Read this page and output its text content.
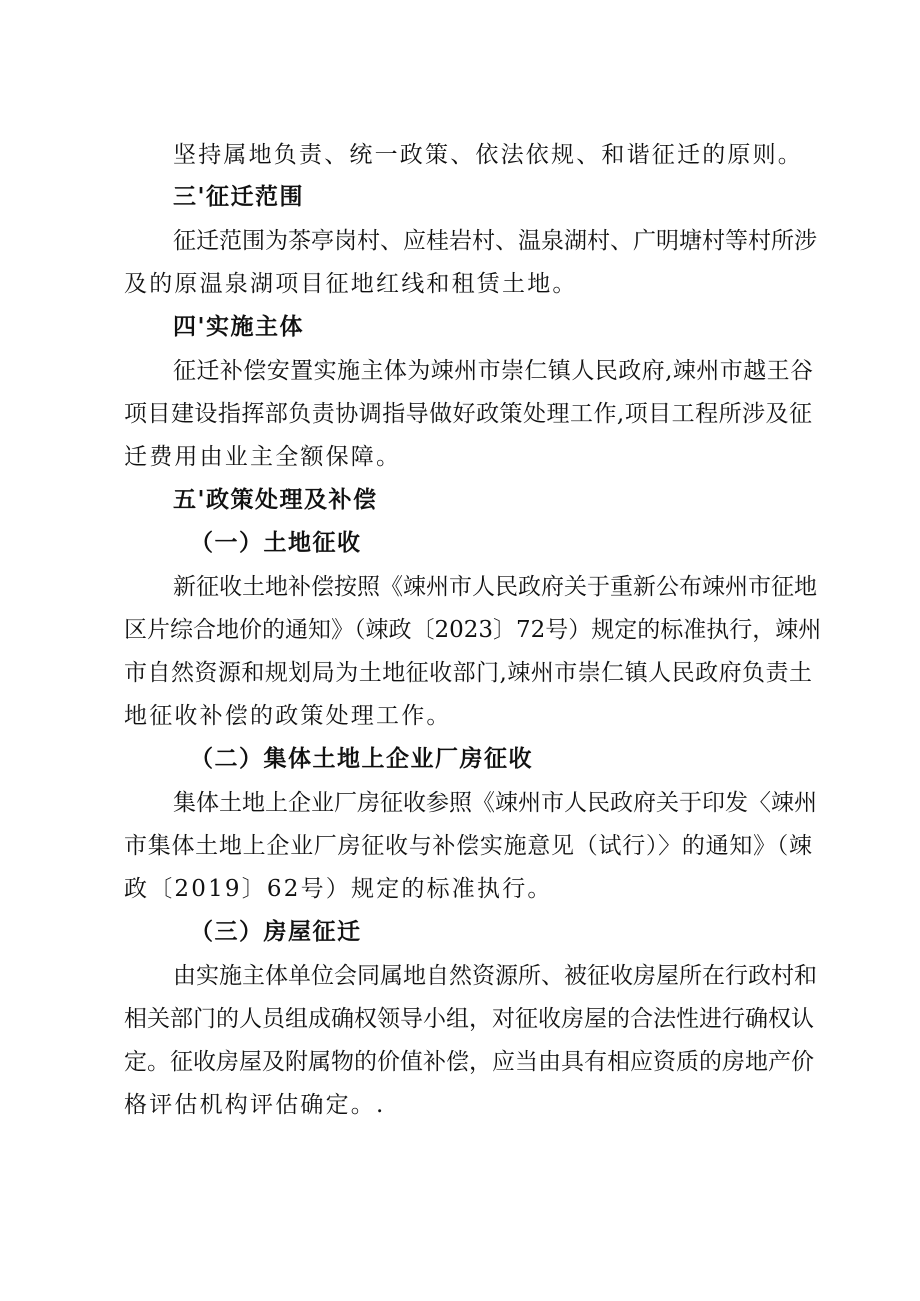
坚持属地负责、统一政策、依法依规、和谐征迁的原则。
三'征迁范围
征迁范围为茶亭岗村、应桂岩村、温泉湖村、广明塘村等村所涉
及的原温泉湖项目征地红线和租赁土地。
四'实施主体
征迁补偿安置实施主体为竦州市崇仁镇人民政府,竦州市越王谷
项目建设指挥部负责协调指导做好政策处理工作,项目工程所涉及征
迁费用由业主全额保障。
五'政策处理及补偿
（一）土地征收
新征收土地补偿按照《竦州市人民政府关于重新公布竦州市征地
区片综合地价的通知》（竦政〔2023〕72号）规定的标准执行，竦州
市自然资源和规划局为土地征收部门,竦州市崇仁镇人民政府负责土
地征收补偿的政策处理工作。
（二）集体土地上企业厂房征收
集体土地上企业厂房征收参照《竦州市人民政府关于印发〈竦州
市集体土地上企业厂房征收与补偿实施意见（试行）〉的通知》（竦
政〔2019〕62号）规定的标准执行。
（三）房屋征迁
由实施主体单位会同属地自然资源所、被征收房屋所在行政村和
相关部门的人员组成确权领导小组，对征收房屋的合法性进行确权认
定。征收房屋及附属物的价值补偿，应当由具有相应资质的房地产价
格评估机构评估确定。.
